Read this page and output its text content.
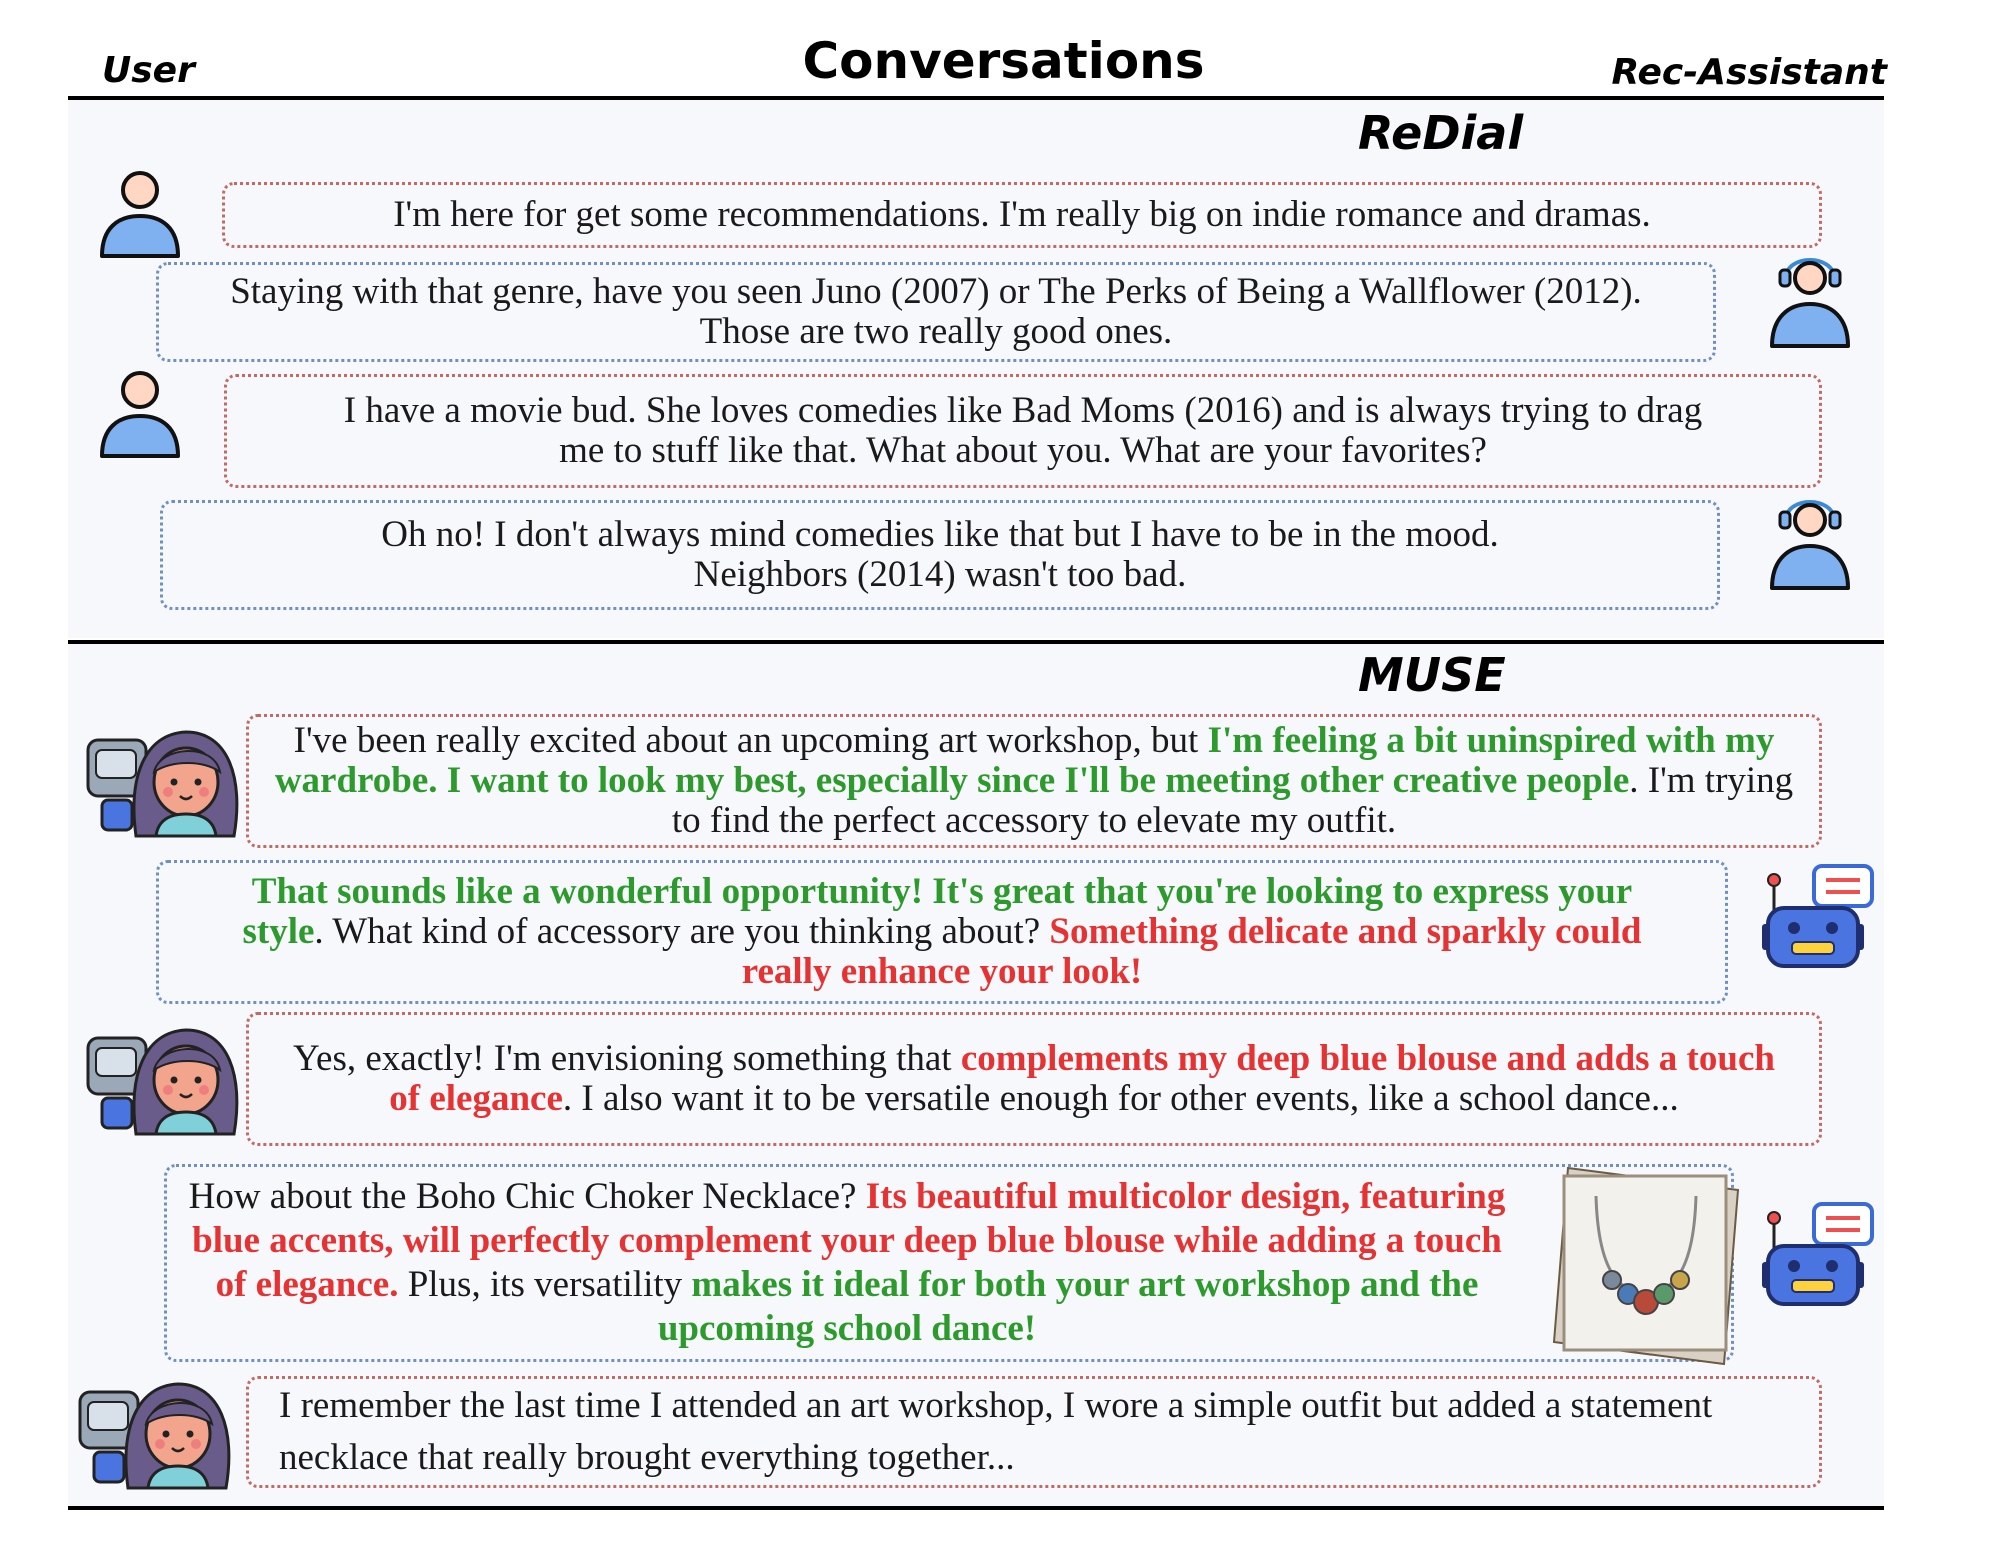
User	Conversations	Rec-Assistant
ReDial

I'm here for get some recommendations. I'm really big on indie romance and dramas.

Staying with that genre, have you seen Juno (2007) or The Perks of Being a Wallflower (2012). Those are two really good ones.

I have a movie bud. She loves comedies like Bad Moms (2016) and is always trying to drag me to stuff like that. What about you. What are your favorites?

Oh no! I don't always mind comedies like that but I have to be in the mood. Neighbors (2014) wasn't too bad.

MUSE

I've been really excited about an upcoming art workshop, but I'm feeling a bit uninspired with my wardrobe. I want to look my best, especially since I'll be meeting other creative people. I'm trying to find the perfect accessory to elevate my outfit.

That sounds like a wonderful opportunity! It's great that you're looking to express your style. What kind of accessory are you thinking about? Something delicate and sparkly could really enhance your look!

Yes, exactly! I'm envisioning something that complements my deep blue blouse and adds a touch of elegance. I also want it to be versatile enough for other events, like a school dance...

How about the Boho Chic Choker Necklace? Its beautiful multicolor design, featuring blue accents, will perfectly complement your deep blue blouse while adding a touch of elegance. Plus, its versatility makes it ideal for both your art workshop and the upcoming school dance!

I remember the last time I attended an art workshop, I wore a simple outfit but added a statement necklace that really brought everything together...
